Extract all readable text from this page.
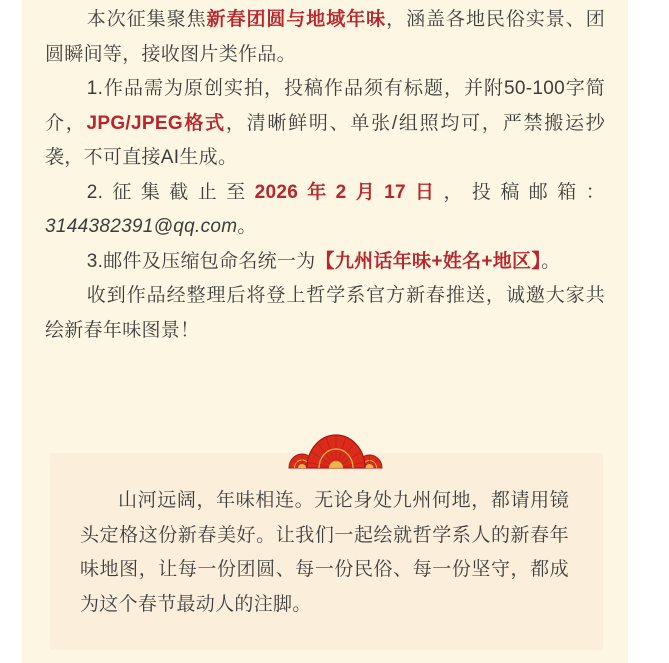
本次征集聚焦新春团圆与地域年味，涵盖各地民俗实景、团圆瞬间等，接收图片类作品。

1.作品需为原创实拍，投稿作品须有标题，并附50-100字简介，JPG/JPEG格式，清晰鲜明、单张/组照均可，严禁搬运抄袭，不可直接AI生成。

2.征集截止至2026年2月17日，投稿邮箱：3144382391@qq.com。

3.邮件及压缩包命名统一为【九州话年味+姓名+地区】。

收到作品经整理后将登上哲学系官方新春推送，诚邀大家共绘新春年味图景！

山河远阔，年味相连。无论身处九州何地，都请用镜头定格这份新春美好。让我们一起绘就哲学系人的新春年味地图，让每一份团圆、每一份民俗、每一份坚守，都成为这个春节最动人的注脚。
